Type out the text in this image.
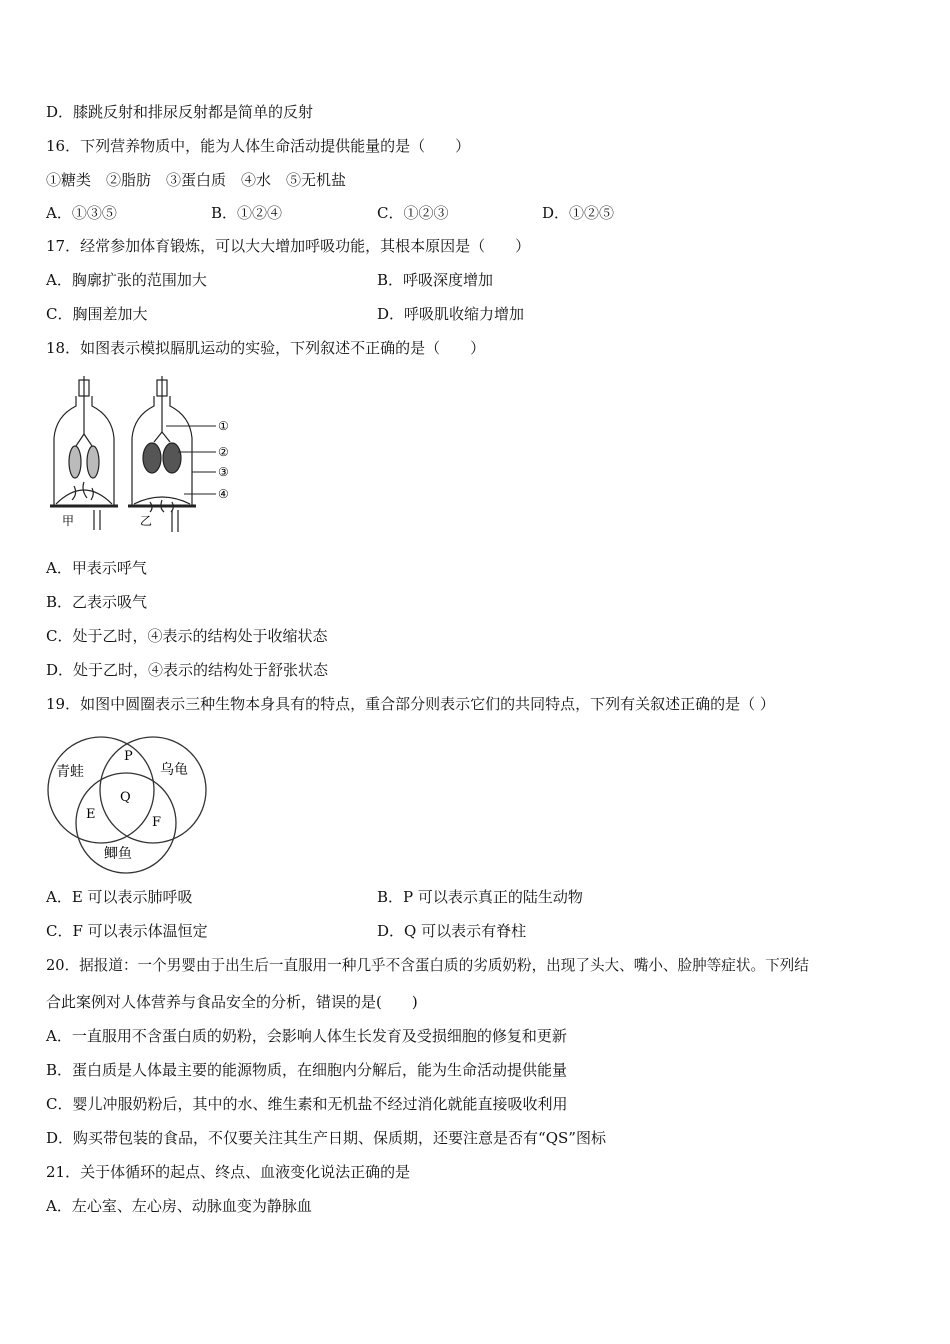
D．膝跳反射和排尿反射都是简单的反射
16．下列营养物质中，能为人体生命活动提供能量的是（　　）
①糖类　②脂肪　③蛋白质　④水　⑤无机盐
A．①③⑤	B．①②④	C．①②③	D．①②⑤
17．经常参加体育锻炼，可以大大增加呼吸功能，其根本原因是（　　）
A．胸廓扩张的范围加大	B．呼吸深度增加
C．胸围差加大	D．呼吸肌收缩力增加
18．如图表示模拟膈肌运动的实验，下列叙述不正确的是（　　）
甲	乙
①
②
③
④
A．甲表示呼气
B．乙表示吸气
C．处于乙时，④表示的结构处于收缩状态
D．处于乙时，④表示的结构处于舒张状态
19．如图中圆圈表示三种生物本身具有的特点，重合部分则表示它们的共同特点，下列有关叙述正确的是（ ）
青蛙	乌龟
鲫鱼
P
Q
E
F
A．E 可以表示肺呼吸	B．P 可以表示真正的陆生动物
C．F 可以表示体温恒定	D．Q 可以表示有脊柱
20．据报道：一个男婴由于出生后一直服用一种几乎不含蛋白质的劣质奶粉，出现了头大、嘴小、脸肿等症状。下列结
合此案例对人体营养与食品安全的分析，错误的是(　　)
A．一直服用不含蛋白质的奶粉，会影响人体生长发育及受损细胞的修复和更新
B．蛋白质是人体最主要的能源物质，在细胞内分解后，能为生命活动提供能量
C．婴儿冲服奶粉后，其中的水、维生素和无机盐不经过消化就能直接吸收利用
D．购买带包装的食品，不仅要关注其生产日期、保质期，还要注意是否有“QS”图标
21．关于体循环的起点、终点、血液变化说法正确的是
A．左心室、左心房、动脉血变为静脉血
